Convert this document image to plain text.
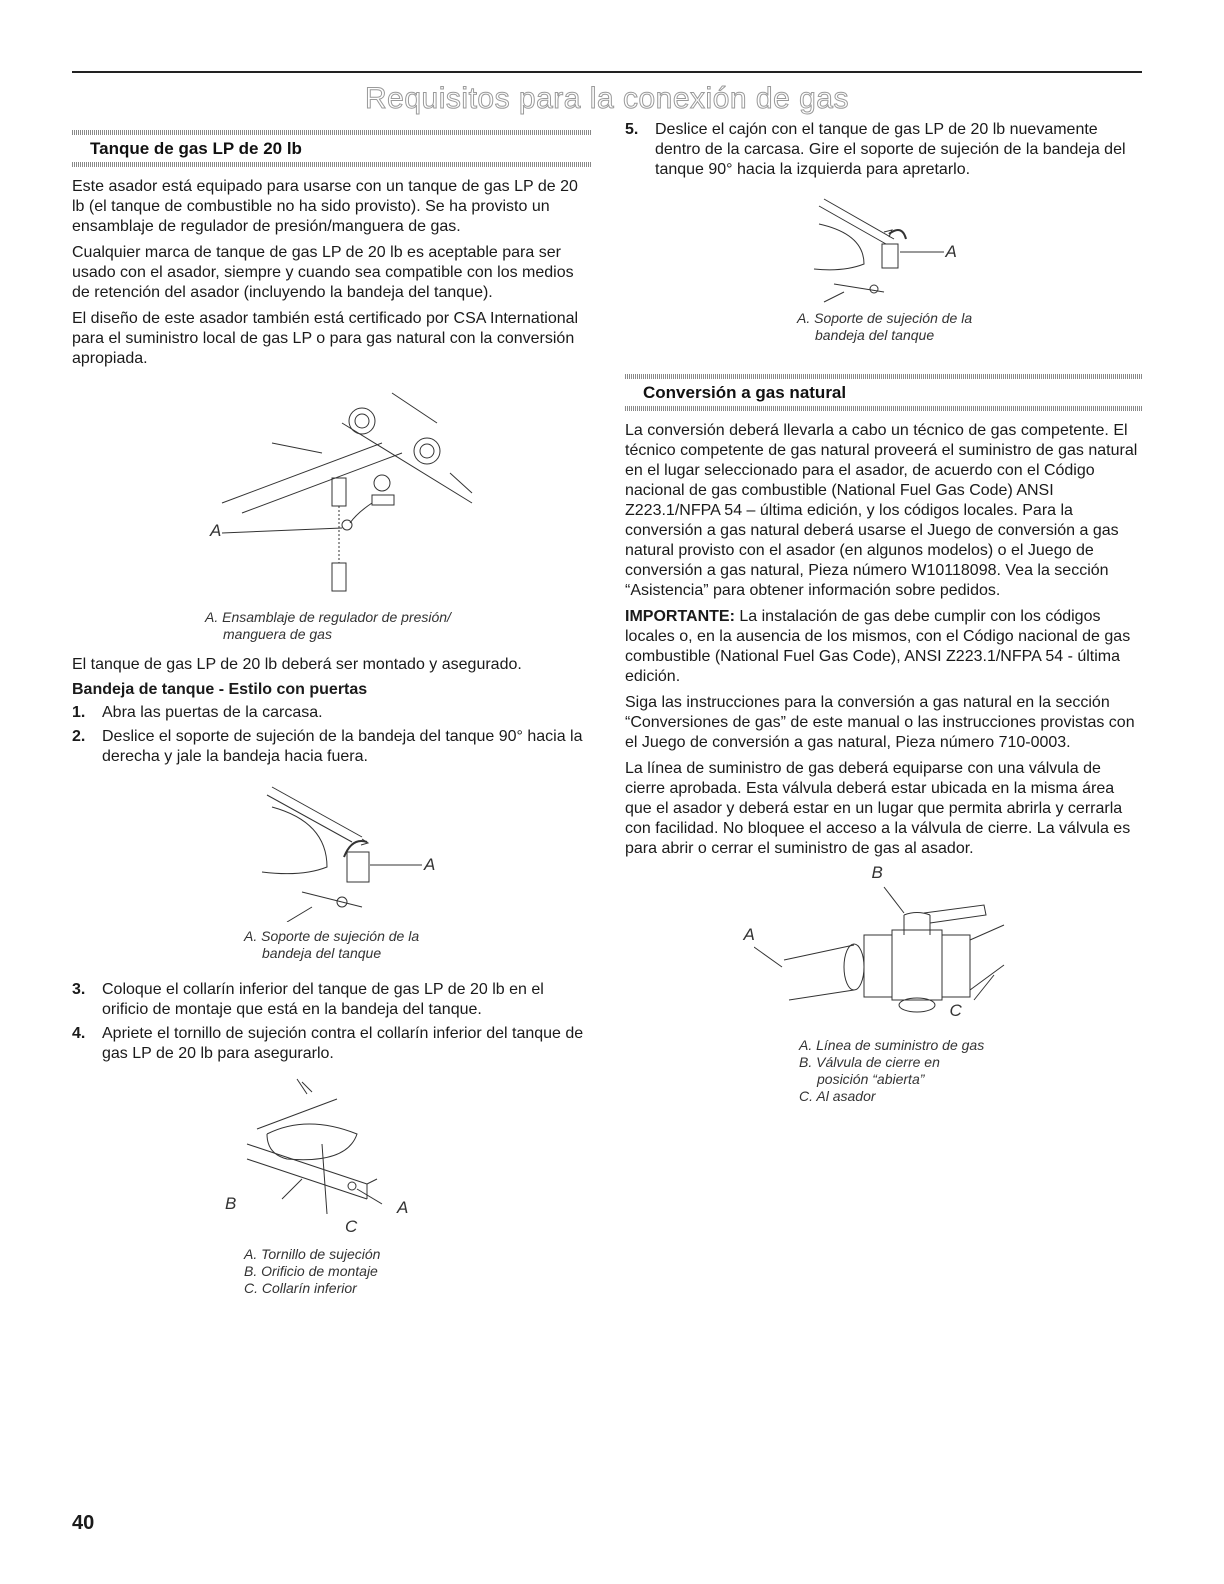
Requisitos para la conexión de gas
Tanque de gas LP de 20 lb

Este asador está equipado para usarse con un tanque de gas LP de 20 lb (el tanque de combustible no ha sido provisto). Se ha provisto un ensamblaje de regulador de presión/manguera de gas.

Cualquier marca de tanque de gas LP de 20 lb es aceptable para ser usado con el asador, siempre y cuando sea compatible con los medios de retención del asador (incluyendo la bandeja del tanque).

El diseño de este asador también está certificado por CSA International para el suministro local de gas LP o para gas natural con la conversión apropiada.

A
A. Ensamblaje de regulador de presión/
manguera de gas

El tanque de gas LP de 20 lb deberá ser montado y asegurado.

Bandeja de tanque - Estilo con puertas
1. Abra las puertas de la carcasa.
2. Deslice el soporte de sujeción de la bandeja del tanque 90° hacia la derecha y jale la bandeja hacia fuera.
A
A. Soporte de sujeción de la
bandeja del tanque
3. Coloque el collarín inferior del tanque de gas LP de 20 lb en el orificio de montaje que está en la bandeja del tanque.
4. Apriete el tornillo de sujeción contra el collarín inferior del tanque de gas LP de 20 lb para asegurarlo.
B	A
C
A. Tornillo de sujeción
B. Orificio de montaje
C. Collarín inferior
5. Deslice el cajón con el tanque de gas LP de 20 lb nuevamente dentro de la carcasa. Gire el soporte de sujeción de la bandeja del tanque 90° hacia la izquierda para apretarlo.
A
A. Soporte de sujeción de la
bandeja del tanque
Conversión a gas natural

La conversión deberá llevarla a cabo un técnico de gas competente. El técnico competente de gas natural proveerá el suministro de gas natural en el lugar seleccionado para el asador, de acuerdo con el Código nacional de gas combustible (National Fuel Gas Code) ANSI Z223.1/NFPA 54 – última edición, y los códigos locales. Para la conversión a gas natural deberá usarse el Juego de conversión a gas natural provisto con el asador (en algunos modelos) o el Juego de conversión a gas natural, Pieza número W10118098. Vea la sección “Asistencia” para obtener información sobre pedidos.

IMPORTANTE: La instalación de gas debe cumplir con los códigos locales o, en la ausencia de los mismos, con el Código nacional de gas combustible (National Fuel Gas Code), ANSI Z223.1/NFPA 54 - última edición.

Siga las instrucciones para la conversión a gas natural en la sección “Conversiones de gas” de este manual o las instrucciones provistas con el Juego de conversión a gas natural, Pieza número 710-0003.

La línea de suministro de gas deberá equiparse con una válvula de cierre aprobada. Esta válvula deberá estar ubicada en la misma área que el asador y deberá estar en un lugar que permita abrirla y cerrarla con facilidad. No bloquee el acceso a la válvula de cierre. La válvula es para abrir o cerrar el suministro de gas al asador.

B
A
C
A. Línea de suministro de gas
B. Válvula de cierre en
posición “abierta”
C. Al asador
40
